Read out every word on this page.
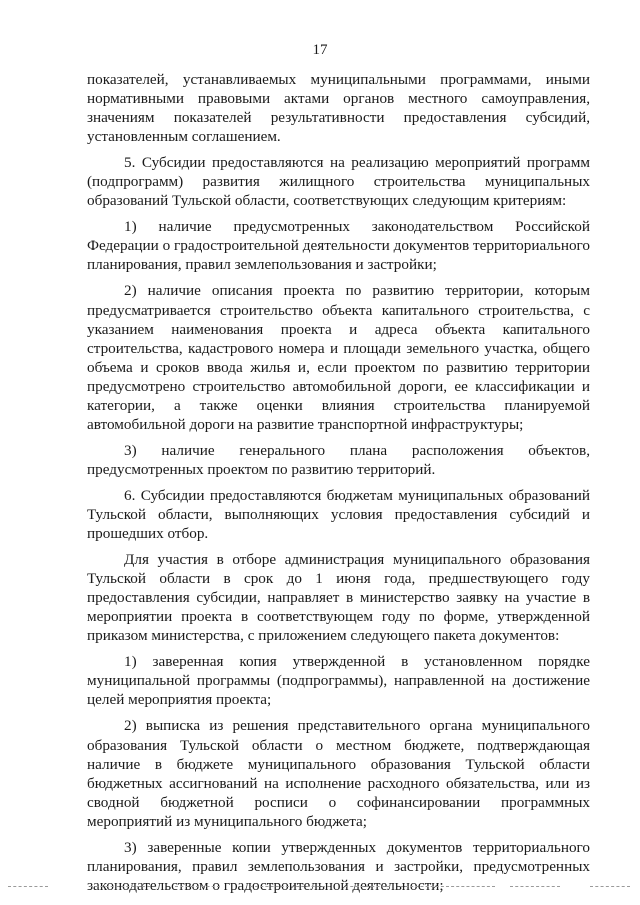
17

показателей, устанавливаемых муниципальными программами, иными нормативными правовыми актами органов местного самоуправления, значениям показателей результативности предоставления субсидий, установленным соглашением.

5. Субсидии предоставляются на реализацию мероприятий программ (подпрограмм) развития жилищного строительства муниципальных образований Тульской области, соответствующих следующим критериям:

1) наличие предусмотренных законодательством Российской Федерации о градостроительной деятельности документов территориального планирования, правил землепользования и застройки;

2) наличие описания проекта по развитию территории, которым предусматривается строительство объекта капитального строительства, с указанием наименования проекта и адреса объекта капитального строительства, кадастрового номера и площади земельного участка, общего объема и сроков ввода жилья и, если проектом по развитию территории предусмотрено строительство автомобильной дороги, ее классификации и категории, а также оценки влияния строительства планируемой автомобильной дороги на развитие транспортной инфраструктуры;

3) наличие генерального плана расположения объектов, предусмотренных проектом по развитию территорий.

6. Субсидии предоставляются бюджетам муниципальных образований Тульской области, выполняющих условия предоставления субсидий и прошедших отбор.

Для участия в отборе администрация муниципального образования Тульской области в срок до 1 июня года, предшествующего году предоставления субсидии, направляет в министерство заявку на участие в мероприятии проекта в соответствующем году по форме, утвержденной приказом министерства, с приложением следующего пакета документов:

1) заверенная копия утвержденной в установленном порядке муниципальной программы (подпрограммы), направленной на достижение целей мероприятия проекта;

2) выписка из решения представительного органа муниципального образования Тульской области о местном бюджете, подтверждающая наличие в бюджете муниципального образования Тульской области бюджетных ассигнований на исполнение расходного обязательства, или из сводной бюджетной росписи о софинансировании программных мероприятий из муниципального бюджета;

3) заверенные копии утвержденных документов территориального планирования, правил землепользования и застройки, предусмотренных законодательством о градостроительной деятельности;
